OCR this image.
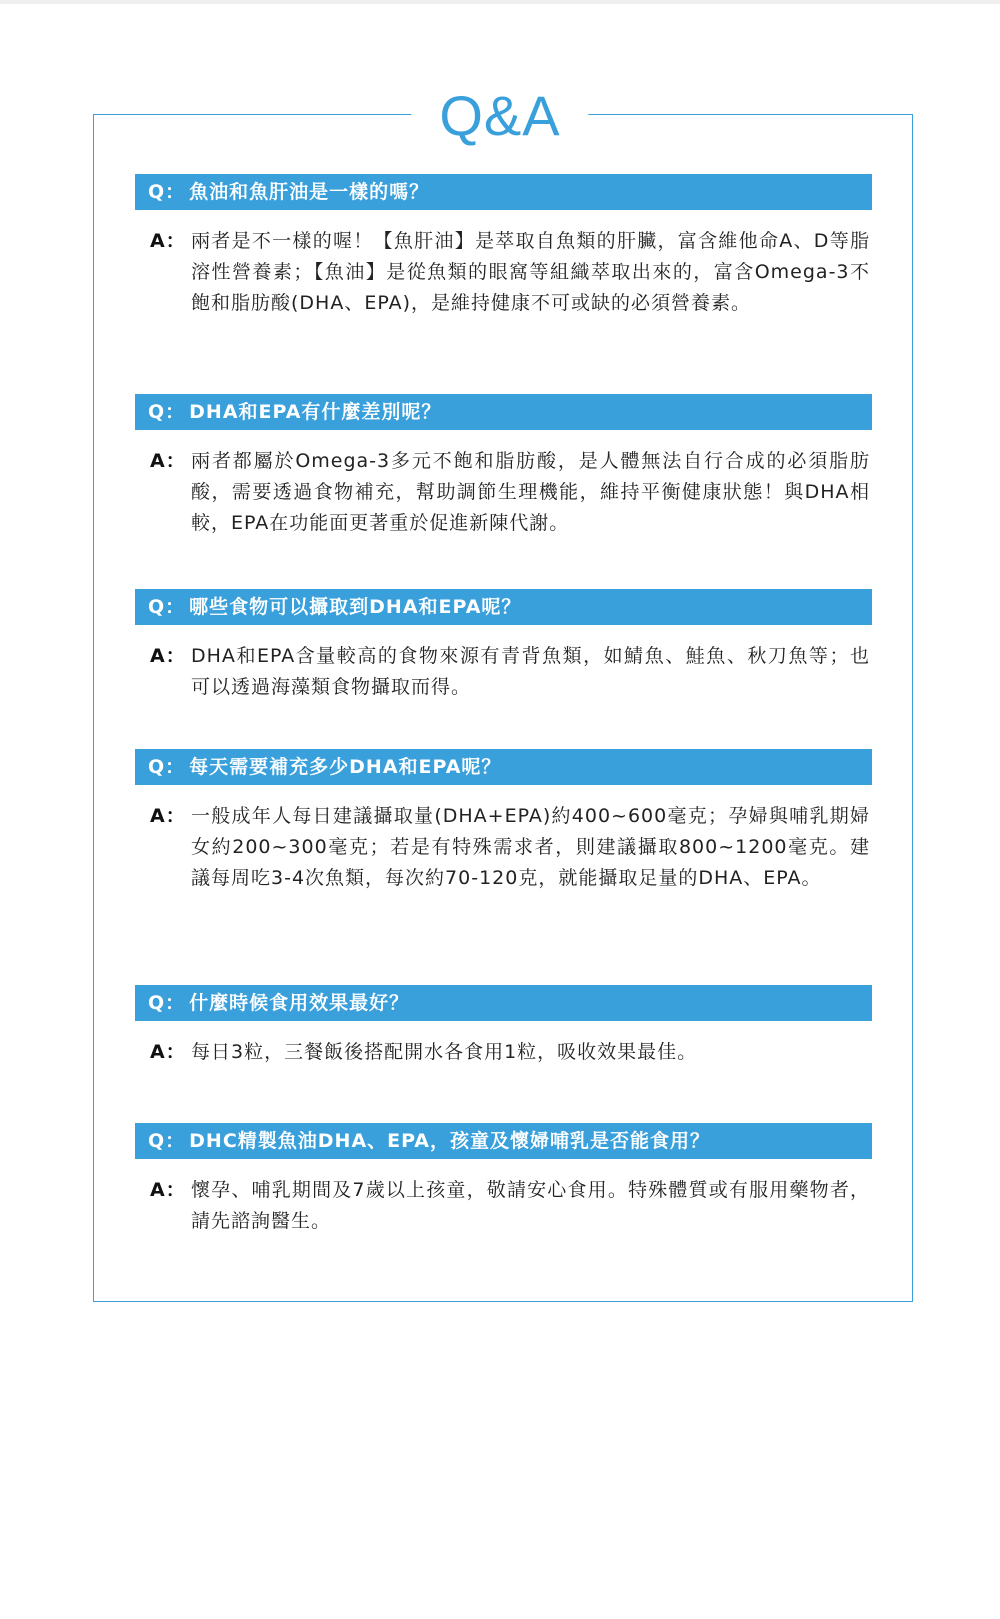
Q&A
Q： 魚油和魚肝油是一樣的嗎？
A： 兩者是不一樣的喔！【魚肝油】是萃取自魚類的肝臟，富含維他命A、D等脂溶性營養素；【魚油】是從魚類的眼窩等組織萃取出來的，富含Omega-3不飽和脂肪酸(DHA、EPA)，是維持健康不可或缺的必須營養素。
Q： DHA和EPA有什麼差別呢？
A： 兩者都屬於Omega-3多元不飽和脂肪酸，是人體無法自行合成的必須脂肪酸，需要透過食物補充，幫助調節生理機能，維持平衡健康狀態！與DHA相較，EPA在功能面更著重於促進新陳代謝。
Q： 哪些食物可以攝取到DHA和EPA呢？
A： DHA和EPA含量較高的食物來源有青背魚類，如鯖魚、鮭魚、秋刀魚等；也可以透過海藻類食物攝取而得。
Q： 每天需要補充多少DHA和EPA呢？
A： 一般成年人每日建議攝取量(DHA+EPA)約400~600毫克；孕婦與哺乳期婦女約200~300毫克；若是有特殊需求者，則建議攝取800~1200毫克。建議每周吃3-4次魚類，每次約70-120克，就能攝取足量的DHA、EPA。
Q： 什麼時候食用效果最好？
A： 每日3粒，三餐飯後搭配開水各食用1粒，吸收效果最佳。
Q： DHC精製魚油DHA、EPA，孩童及懷婦哺乳是否能食用？
A： 懷孕、哺乳期間及7歲以上孩童，敬請安心食用。特殊體質或有服用藥物者，請先諮詢醫生。
